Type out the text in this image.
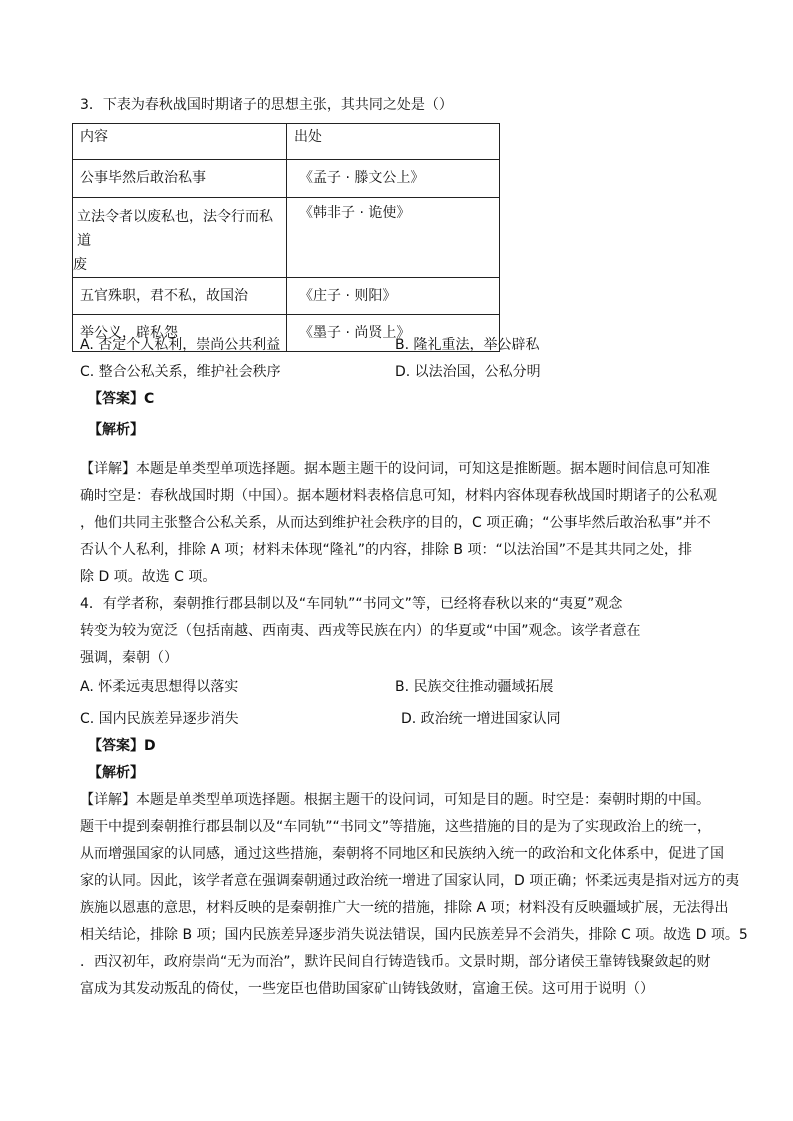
3．下表为春秋战国时期诸子的思想主张，其共同之处是（）
内容	出处

公事毕然后敢治私事	《孟子 · 滕文公上》

立法令者以废私也，法令行而私道
废	《韩非子 · 诡使》

五官殊职，君不私，故国治	《庄子 · 则阳》

举公义，辟私怨	《墨子 · 尚贤上》
A. 否定个人私利，崇尚公共利益	B. 隆礼重法，举公辟私
C. 整合公私关系，维护社会秩序	D. 以法治国，公私分明
【答案】C
【解析】
【详解】本题是单类型单项选择题。据本题主题干的设问词，可知这是推断题。据本题时间信息可知准
确时空是：春秋战国时期（中国）。据本题材料表格信息可知，材料内容体现春秋战国时期诸子的公私观
，他们共同主张整合公私关系，从而达到维护社会秩序的目的，C 项正确；“公事毕然后敢治私事”并不
否认个人私利，排除 A 项；材料未体现“隆礼”的内容，排除 B 项：“以法治国”不是其共同之处，排
除 D 项。故选 C 项。
4．有学者称，秦朝推行郡县制以及“车同轨”“书同文”等，已经将春秋以来的“夷夏”观念
转变为较为宽泛（包括南越、西南夷、西戎等民族在内）的华夏或“中国”观念。该学者意在
强调，秦朝（）
A. 怀柔远夷思想得以落实	B. 民族交往推动疆域拓展
C. 国内民族差异逐步消失	D. 政治统一增进国家认同
【答案】D
【解析】
【详解】本题是单类型单项选择题。根据主题干的设问词，可知是目的题。时空是：秦朝时期的中国。
题干中提到秦朝推行郡县制以及“车同轨”“书同文”等措施，这些措施的目的是为了实现政治上的统一，
从而增强国家的认同感，通过这些措施，秦朝将不同地区和民族纳入统一的政治和文化体系中，促进了国
家的认同。因此，该学者意在强调秦朝通过政治统一增进了国家认同，D 项正确；怀柔远夷是指对远方的夷
族施以恩惠的意思，材料反映的是秦朝推广大一统的措施，排除 A 项；材料没有反映疆域扩展，无法得出
相关结论，排除 B 项；国内民族差异逐步消失说法错误，国内民族差异不会消失，排除 C 项。故选 D 项。5
．西汉初年，政府崇尚“无为而治”，默许民间自行铸造钱币。文景时期，部分诸侯王靠铸钱聚敛起的财
富成为其发动叛乱的倚仗，一些宠臣也借助国家矿山铸钱敛财，富逾王侯。这可用于说明（）
